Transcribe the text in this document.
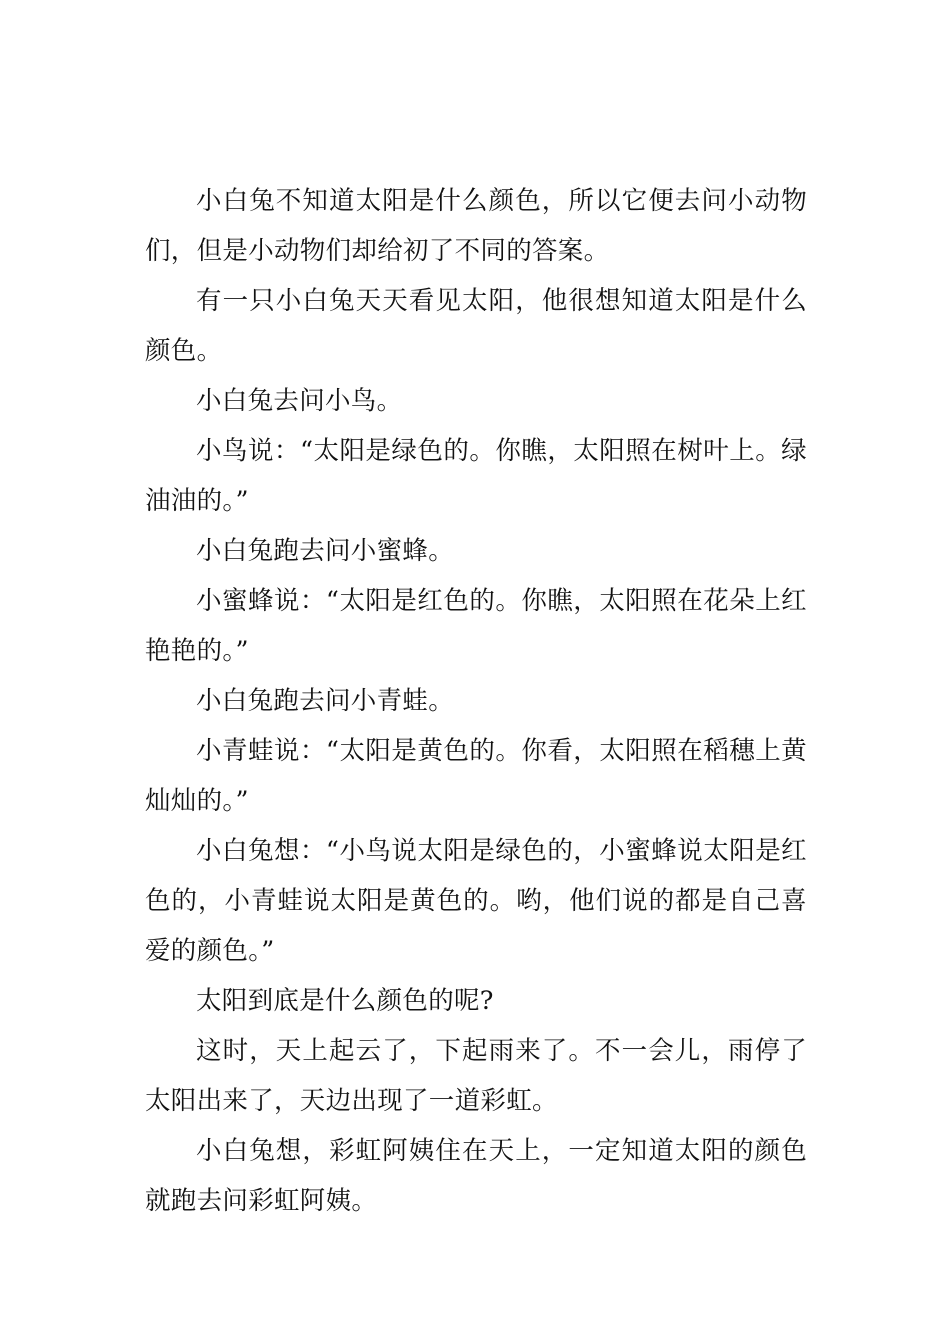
小白兔不知道太阳是什么颜色，所以它便去问小动物们，但是小动物们却给初了不同的答案。

有一只小白兔天天看见太阳，他很想知道太阳是什么颜色。

小白兔去问小鸟。

小鸟说：“太阳是绿色的。你瞧，太阳照在树叶上。绿油油的。”

小白兔跑去问小蜜蜂。

小蜜蜂说：“太阳是红色的。你瞧，太阳照在花朵上红艳艳的。”

小白兔跑去问小青蛙。

小青蛙说：“太阳是黄色的。你看，太阳照在稻穗上黄灿灿的。”

小白兔想：“小鸟说太阳是绿色的，小蜜蜂说太阳是红色的，小青蛙说太阳是黄色的。哟，他们说的都是自己喜爱的颜色。”

太阳到底是什么颜色的呢?

这时，天上起云了，下起雨来了。不一会儿，雨停了太阳出来了，天边出现了一道彩虹。

小白兔想，彩虹阿姨住在天上，一定知道太阳的颜色就跑去问彩虹阿姨。
